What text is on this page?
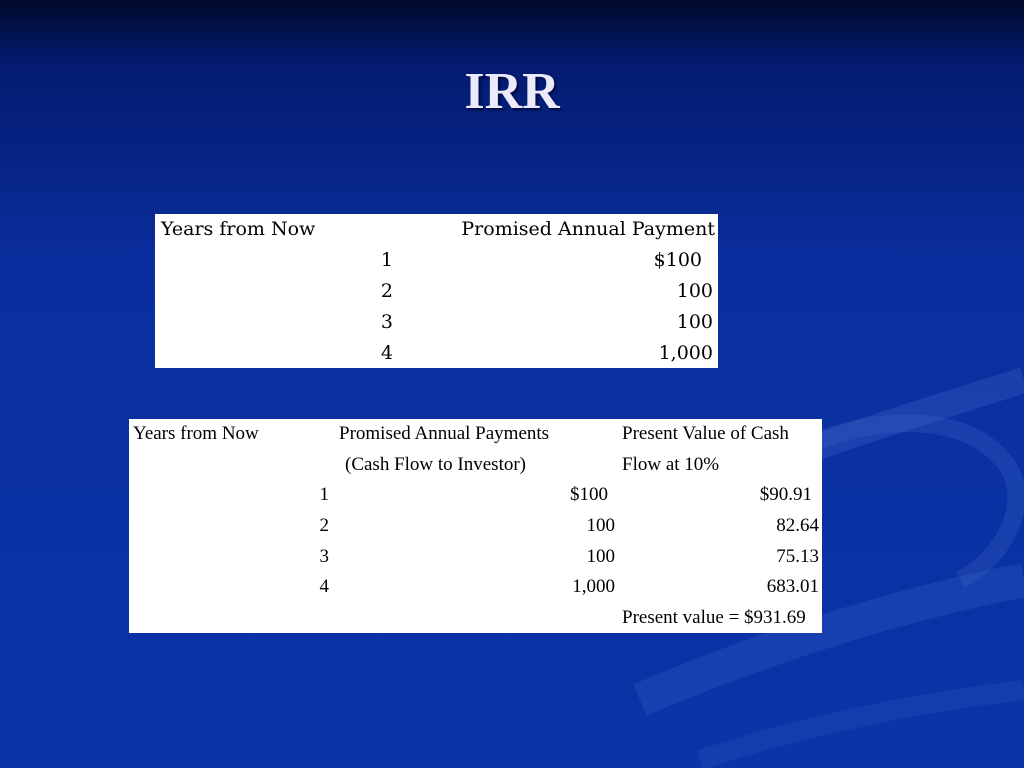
IRR
Years from Now	Promised Annual Payment
1	$100
2	100
3	100
4	1,000
Years from Now	Promised Annual Payments	Present Value of Cash
	(Cash Flow to Investor)	Flow at 10%
1	$100	$90.91
2	100	82.64
3	100	75.13
4	1,000	683.01
		Present value = $931.69
